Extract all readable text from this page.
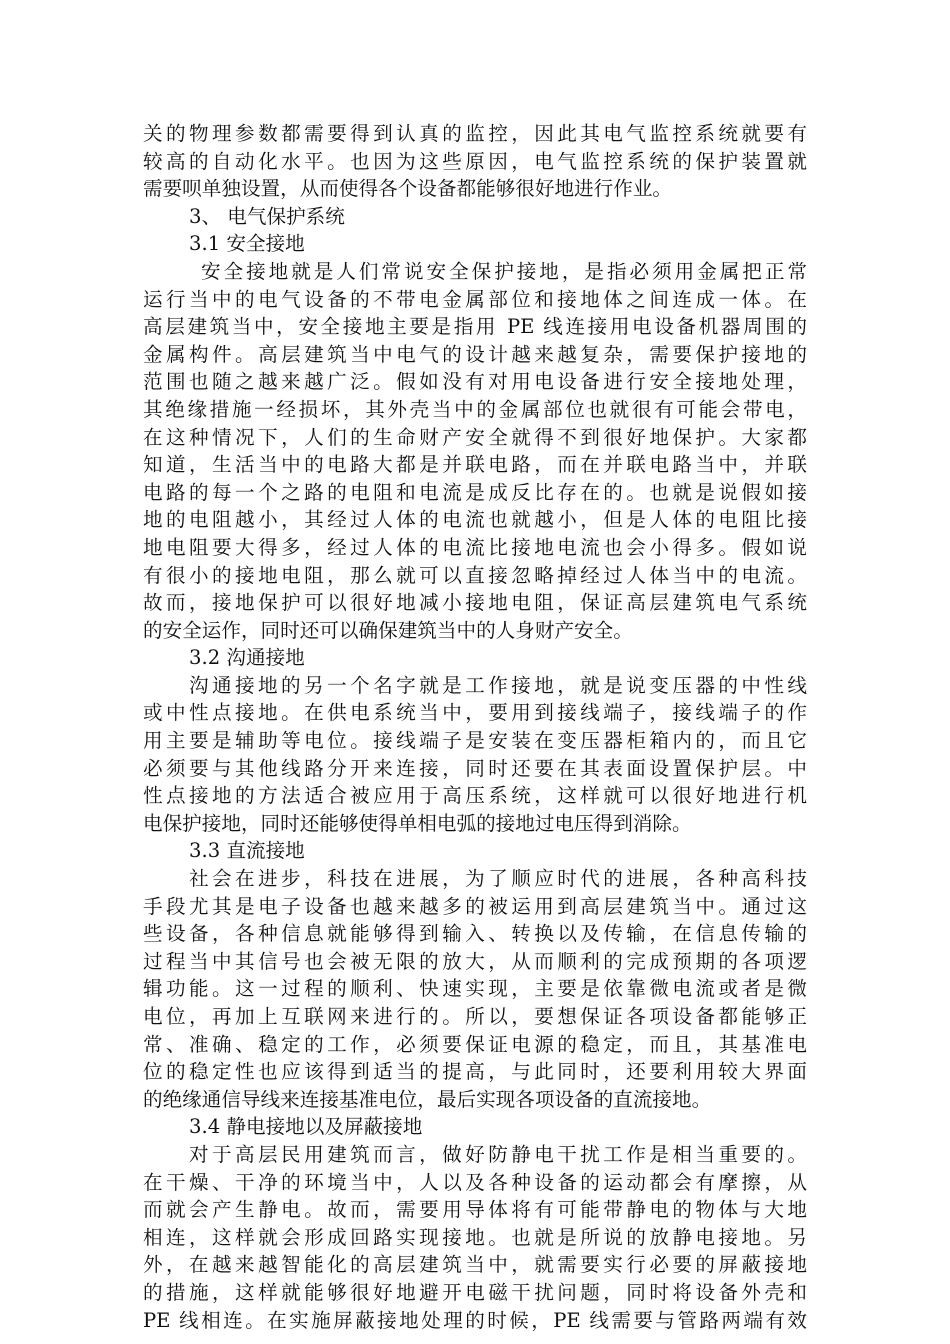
关的物理参数都需要得到认真的监控，因此其电气监控系统就要有
较高的自动化水平。也因为这些原因，电气监控系统的保护装置就
需要呗单独设置，从而使得各个设备都能够很好地进行作业。
3、 电气保护系统
3.1 安全接地
安全接地就是人们常说安全保护接地，是指必须用金属把正常
运行当中的电气设备的不带电金属部位和接地体之间连成一体。在
高层建筑当中，安全接地主要是指用 PE 线连接用电设备机器周围的
金属构件。高层建筑当中电气的设计越来越复杂，需要保护接地的
范围也随之越来越广泛。假如没有对用电设备进行安全接地处理，
其绝缘措施一经损坏，其外壳当中的金属部位也就很有可能会带电，
在这种情况下，人们的生命财产安全就得不到很好地保护。大家都
知道，生活当中的电路大都是并联电路，而在并联电路当中，并联
电路的每一个之路的电阻和电流是成反比存在的。也就是说假如接
地的电阻越小，其经过人体的电流也就越小，但是人体的电阻比接
地电阻要大得多，经过人体的电流比接地电流也会小得多。假如说
有很小的接地电阻，那么就可以直接忽略掉经过人体当中的电流。
故而，接地保护可以很好地减小接地电阻，保证高层建筑电气系统
的安全运作，同时还可以确保建筑当中的人身财产安全。
3.2 沟通接地
沟通接地的另一个名字就是工作接地，就是说变压器的中性线
或中性点接地。在供电系统当中，要用到接线端子，接线端子的作
用主要是辅助等电位。接线端子是安装在变压器柜箱内的，而且它
必须要与其他线路分开来连接，同时还要在其表面设置保护层。中
性点接地的方法适合被应用于高压系统，这样就可以很好地进行机
电保护接地，同时还能够使得单相电弧的接地过电压得到消除。
3.3 直流接地
社会在进步，科技在进展，为了顺应时代的进展，各种高科技
手段尤其是电子设备也越来越多的被运用到高层建筑当中。通过这
些设备，各种信息就能够得到输入、转换以及传输，在信息传输的
过程当中其信号也会被无限的放大，从而顺利的完成预期的各项逻
辑功能。这一过程的顺利、快速实现，主要是依靠微电流或者是微
电位，再加上互联网来进行的。所以，要想保证各项设备都能够正
常、准确、稳定的工作，必须要保证电源的稳定，而且，其基准电
位的稳定性也应该得到适当的提高，与此同时，还要利用较大界面
的绝缘通信导线来连接基准电位，最后实现各项设备的直流接地。
3.4 静电接地以及屏蔽接地
对于高层民用建筑而言，做好防静电干扰工作是相当重要的。
在干燥、干净的环境当中，人以及各种设备的运动都会有摩擦，从
而就会产生静电。故而，需要用导体将有可能带静电的物体与大地
相连，这样就会形成回路实现接地。也就是所说的放静电接地。另
外，在越来越智能化的高层建筑当中，就需要实行必要的屏蔽接地
的措施，这样就能够很好地避开电磁干扰问题，同时将设备外壳和
PE 线相连。在实施屏蔽接地处理的时候，PE 线需要与管路两端有效
